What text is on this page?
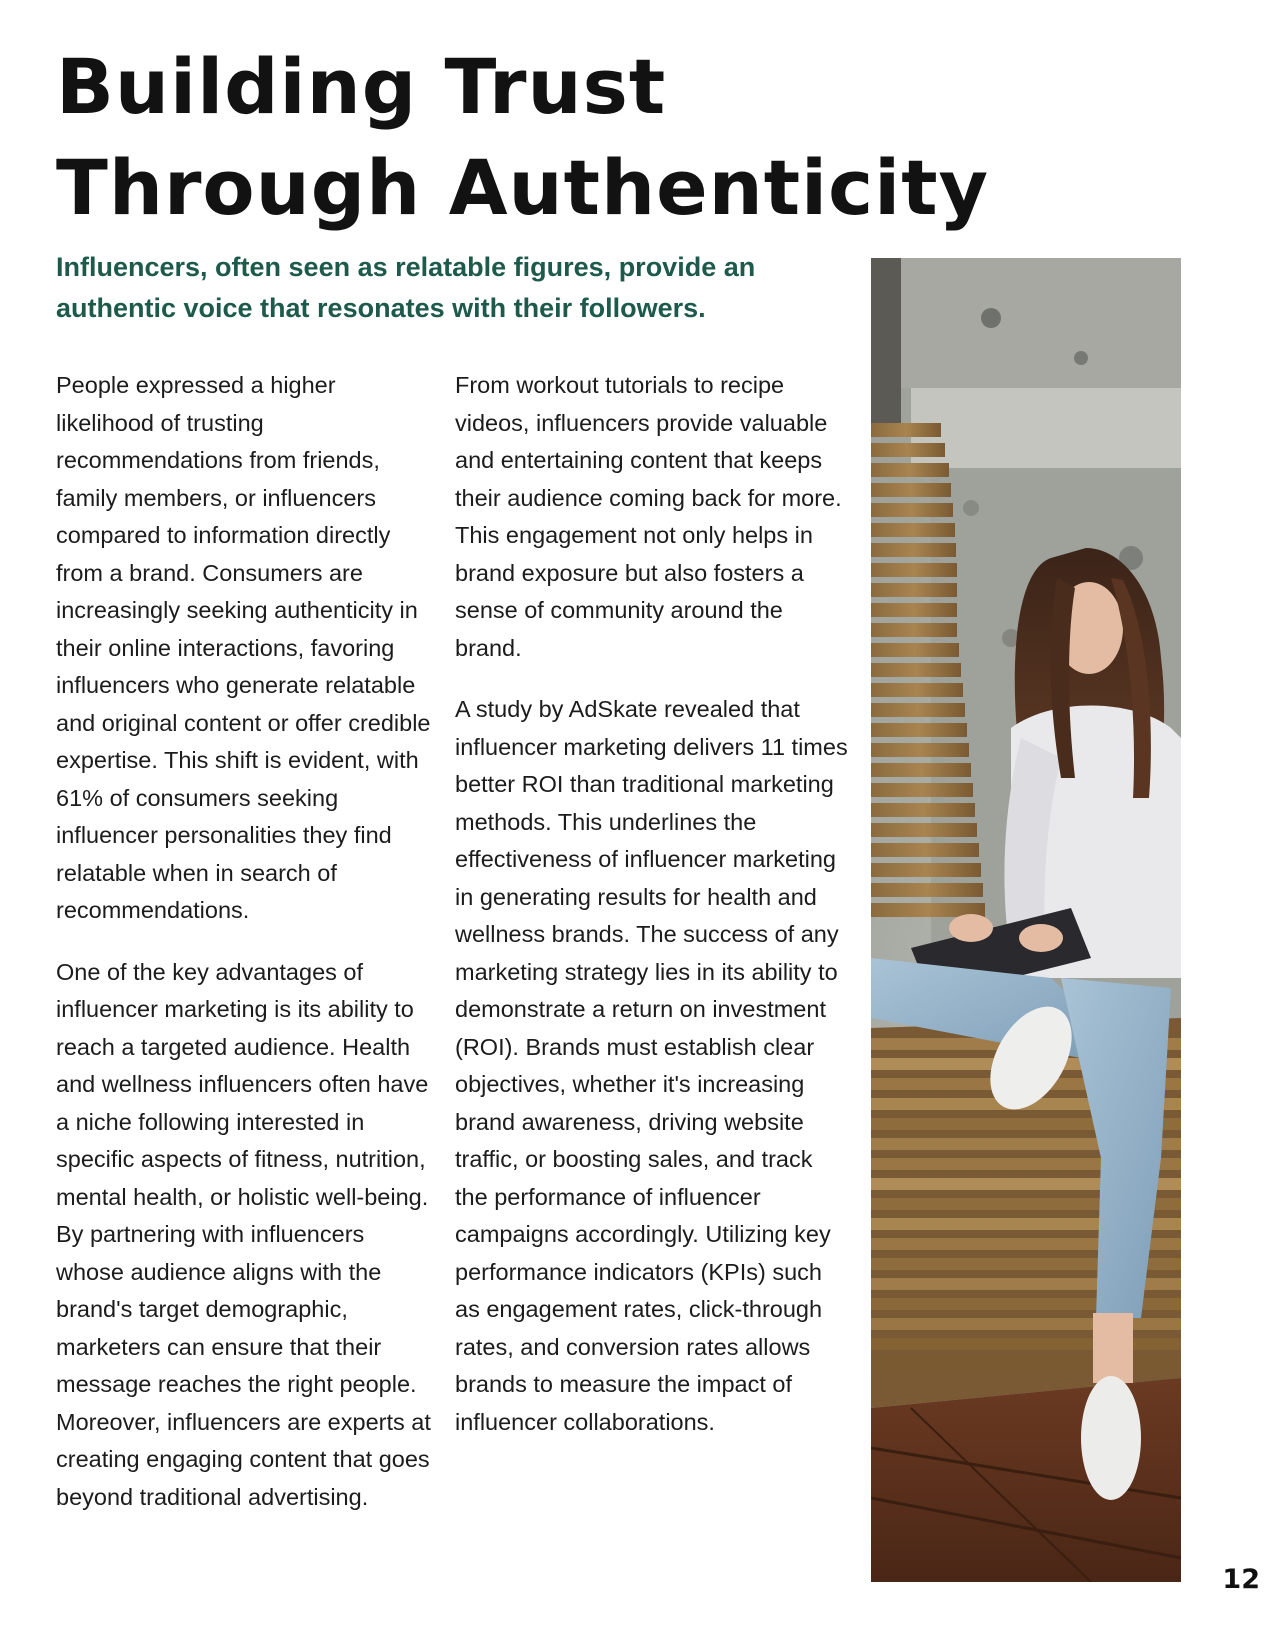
Building Trust Through Authenticity
Influencers, often seen as relatable figures, provide an authentic voice that resonates with their followers.

People expressed a higher likelihood of trusting recommendations from friends, family members, or influencers compared to information directly from a brand. Consumers are increasingly seeking authenticity in their online interactions, favoring influencers who generate relatable and original content or offer credible expertise. This shift is evident, with 61% of consumers seeking influencer personalities they find relatable when in search of recommendations.

One of the key advantages of influencer marketing is its ability to reach a targeted audience. Health and wellness influencers often have a niche following interested in specific aspects of fitness, nutrition, mental health, or holistic well-being. By partnering with influencers whose audience aligns with the brand's target demographic, marketers can ensure that their message reaches the right people. Moreover, influencers are experts at creating engaging content that goes beyond traditional advertising.

From workout tutorials to recipe videos, influencers provide valuable and entertaining content that keeps their audience coming back for more. This engagement not only helps in brand exposure but also fosters a sense of community around the brand.

A study by AdSkate revealed that influencer marketing delivers 11 times better ROI than traditional marketing methods. This underlines the effectiveness of influencer marketing in generating results for health and wellness brands. The success of any marketing strategy lies in its ability to demonstrate a return on investment (ROI). Brands must establish clear objectives, whether it's increasing brand awareness, driving website traffic, or boosting sales, and track the performance of influencer campaigns accordingly. Utilizing key performance indicators (KPIs) such as engagement rates, click-through rates, and conversion rates allows brands to measure the impact of influencer collaborations.

12
